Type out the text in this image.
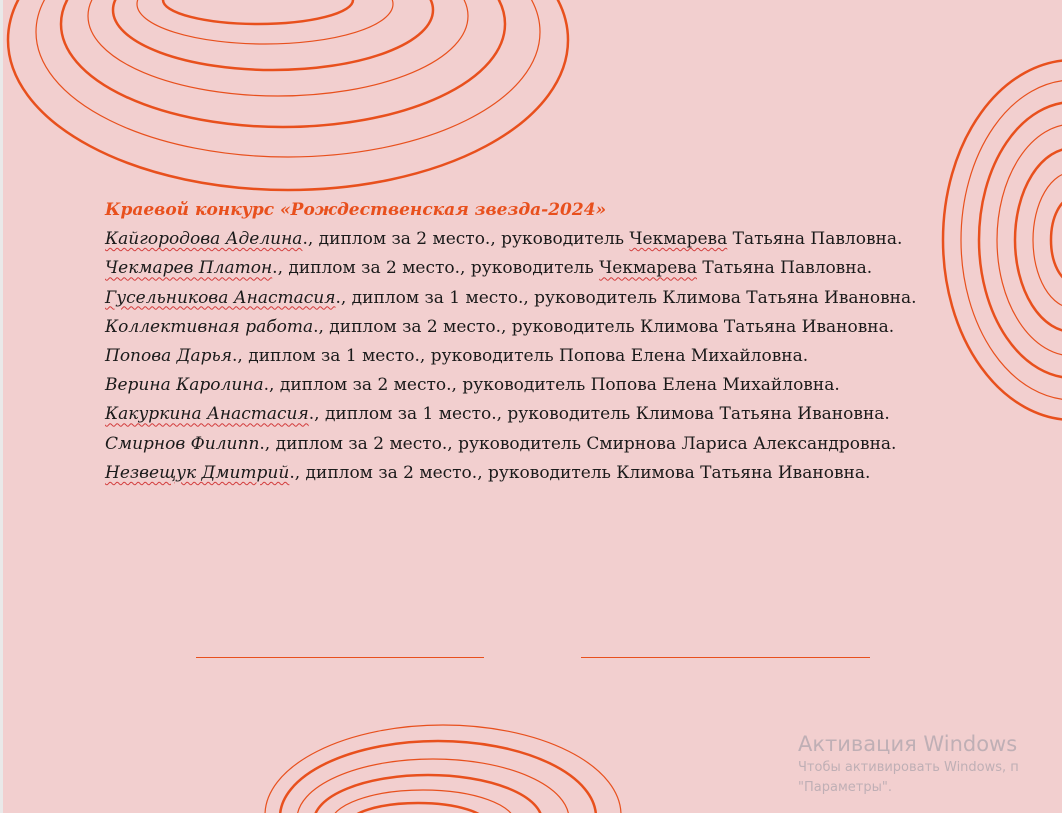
Краевой конкурс «Рождественская звезда-2024»

Кайгородова Аделина., диплом за 2 место., руководитель Чекмарева Татьяна Павловна.

Чекмарев Платон., диплом за 2 место., руководитель Чекмарева Татьяна Павловна.

Гусельникова Анастасия., диплом за 1 место., руководитель Климова Татьяна Ивановна.

Коллективная работа., диплом за 2 место., руководитель Климова Татьяна Ивановна.

Попова Дарья., диплом за 1 место., руководитель Попова Елена Михайловна.

Верина Каролина., диплом за 2 место., руководитель Попова Елена Михайловна.

Какуркина Анастасия., диплом за 1 место., руководитель Климова Татьяна Ивановна.

Смирнов Филипп., диплом за 2 место., руководитель Смирнова Лариса Александровна.

Незвещук Дмитрий., диплом за 2 место., руководитель Климова Татьяна Ивановна.

Активация Windows
Чтобы активировать Windows, п
"Параметры".
